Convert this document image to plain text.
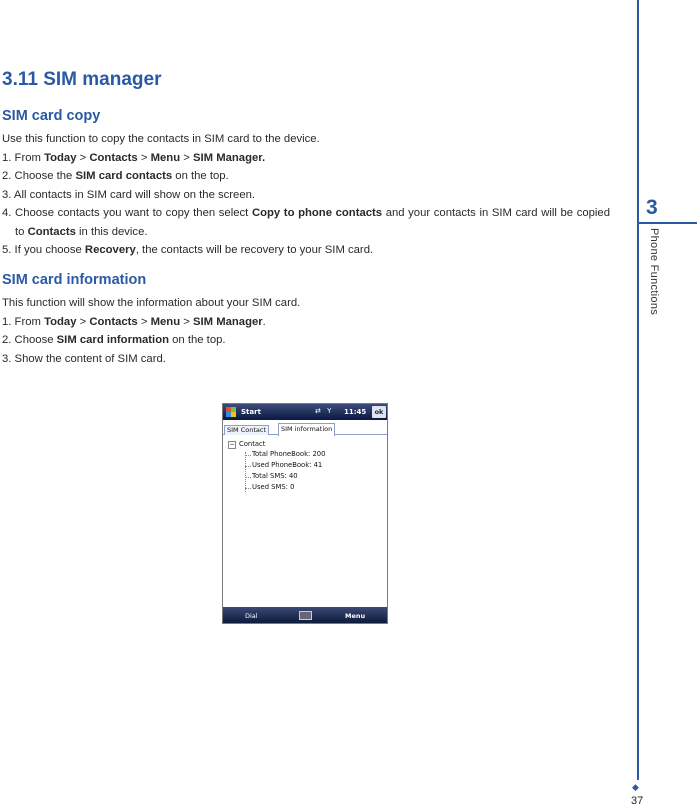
3.11 SIM manager
SIM card copy

Use this function to copy the contacts in SIM card to the device.

1. From Today > Contacts > Menu > SIM Manager.

2. Choose the SIM card contacts on the top.

3. All contacts in SIM card will show on the screen.

4. Choose contacts you want to copy then select Copy to phone contacts and your contacts in SIM card will be copied to Contacts in this device.

5. If you choose Recovery, the contacts will be recovery to your SIM card.

SIM card information

This function will show the information about your SIM card.

1. From Today > Contacts > Menu > SIM Manager.

2. Choose SIM card information on the top.

3. Show the content of SIM card.

Start	⇄ Y 11:45	ok
SIM Contact	SIM information
− Contact
Total PhoneBook: 200
Used PhoneBook: 41
Total SMS: 40
Used SMS: 0
Dial	Menu
3
Phone Functions
◆
37
